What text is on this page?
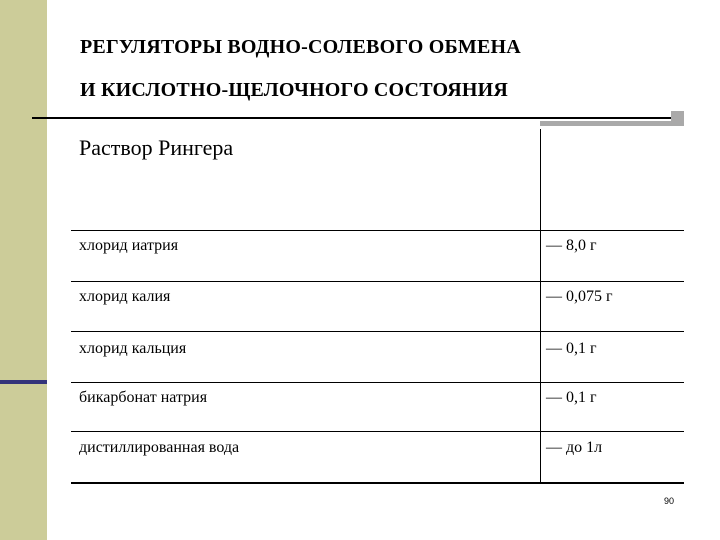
РЕГУЛЯТОРЫ ВОДНО-СОЛЕВОГО ОБМЕНА
И КИСЛОТНО-ЩЕЛОЧНОГО СОСТОЯНИЯ
Раствор Рингера
хлорид иатрия	— 8,0 г
хлорид калия	— 0,075 г
хлорид кальция	— 0,1 г
бикарбонат натрия	— 0,1 г
дистиллированная вода	— до 1л
90
